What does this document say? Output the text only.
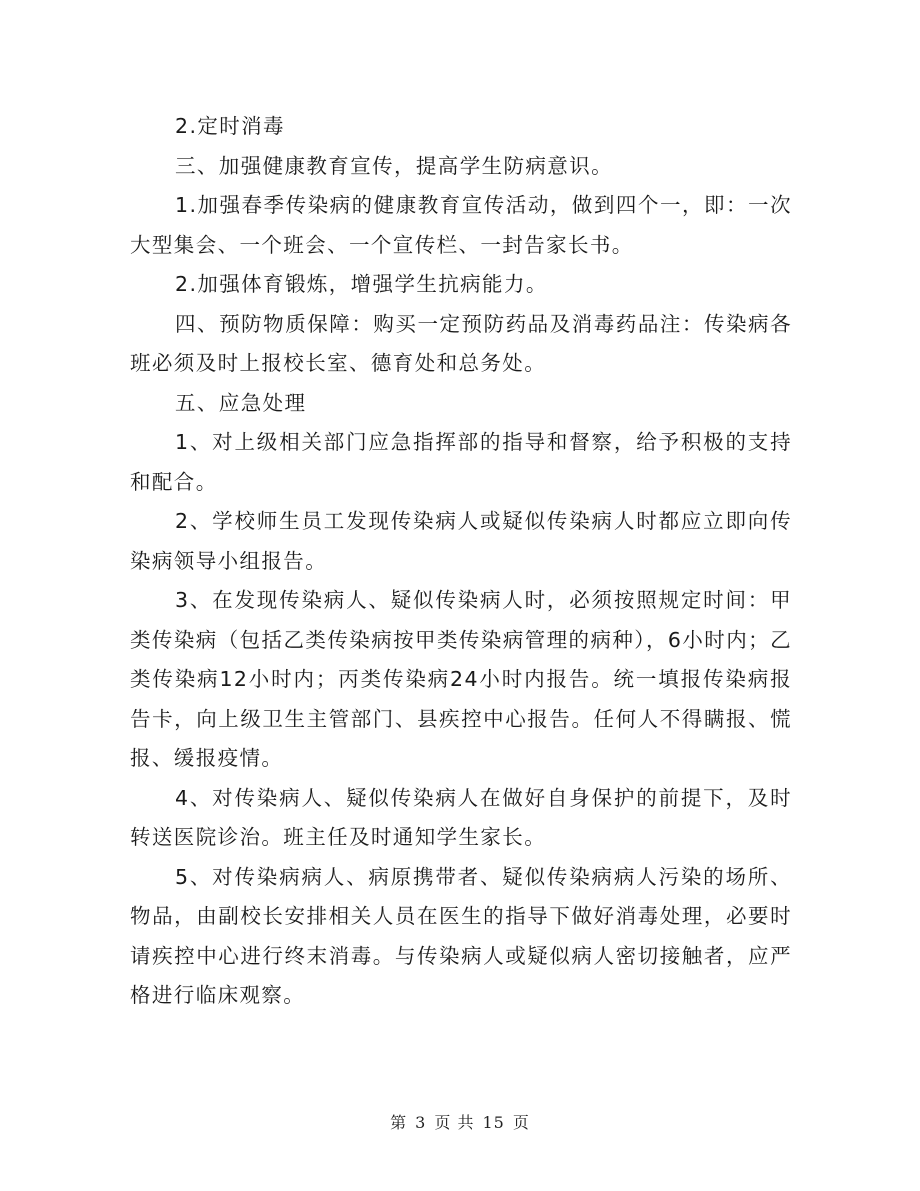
2.定时消毒

三、加强健康教育宣传，提高学生防病意识。

1.加强春季传染病的健康教育宣传活动，做到四个一，即：一次大型集会、一个班会、一个宣传栏、一封告家长书。

2.加强体育锻炼，增强学生抗病能力。

四、预防物质保障：购买一定预防药品及消毒药品注：传染病各班必须及时上报校长室、德育处和总务处。

五、应急处理

1、对上级相关部门应急指挥部的指导和督察，给予积极的支持和配合。

2、学校师生员工发现传染病人或疑似传染病人时都应立即向传染病领导小组报告。

3、在发现传染病人、疑似传染病人时，必须按照规定时间：甲类传染病（包括乙类传染病按甲类传染病管理的病种），6小时内；乙类传染病12小时内；丙类传染病24小时内报告。统一填报传染病报告卡，向上级卫生主管部门、县疾控中心报告。任何人不得瞒报、慌报、缓报疫情。

4、对传染病人、疑似传染病人在做好自身保护的前提下，及时转送医院诊治。班主任及时通知学生家长。

5、对传染病病人、病原携带者、疑似传染病病人污染的场所、物品，由副校长安排相关人员在医生的指导下做好消毒处理，必要时请疾控中心进行终末消毒。与传染病人或疑似病人密切接触者，应严格进行临床观察。

第 3 页 共 15 页
